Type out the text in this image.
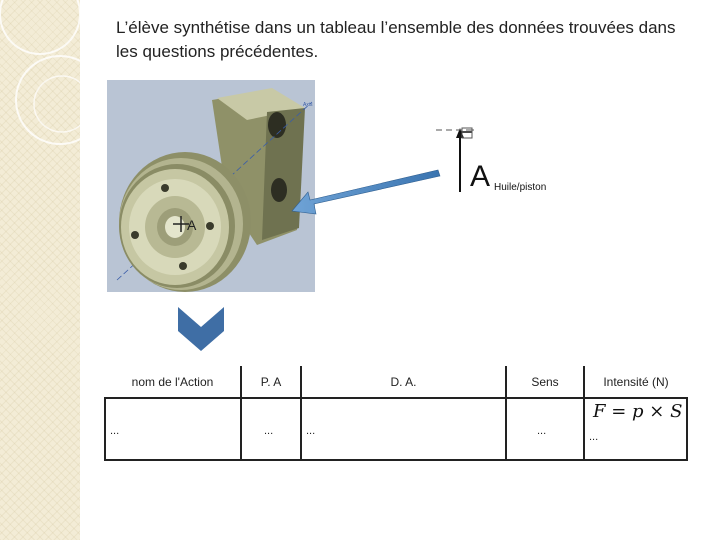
L’élève synthétise dans un tableau l’ensemble des données trouvées dans
les questions précédentes.
Axis
A
A Huile/piston
nom de l'Action	P. A	D. A.	Sens	Intensité (N)

...	...	...	...	F = p × S
...
